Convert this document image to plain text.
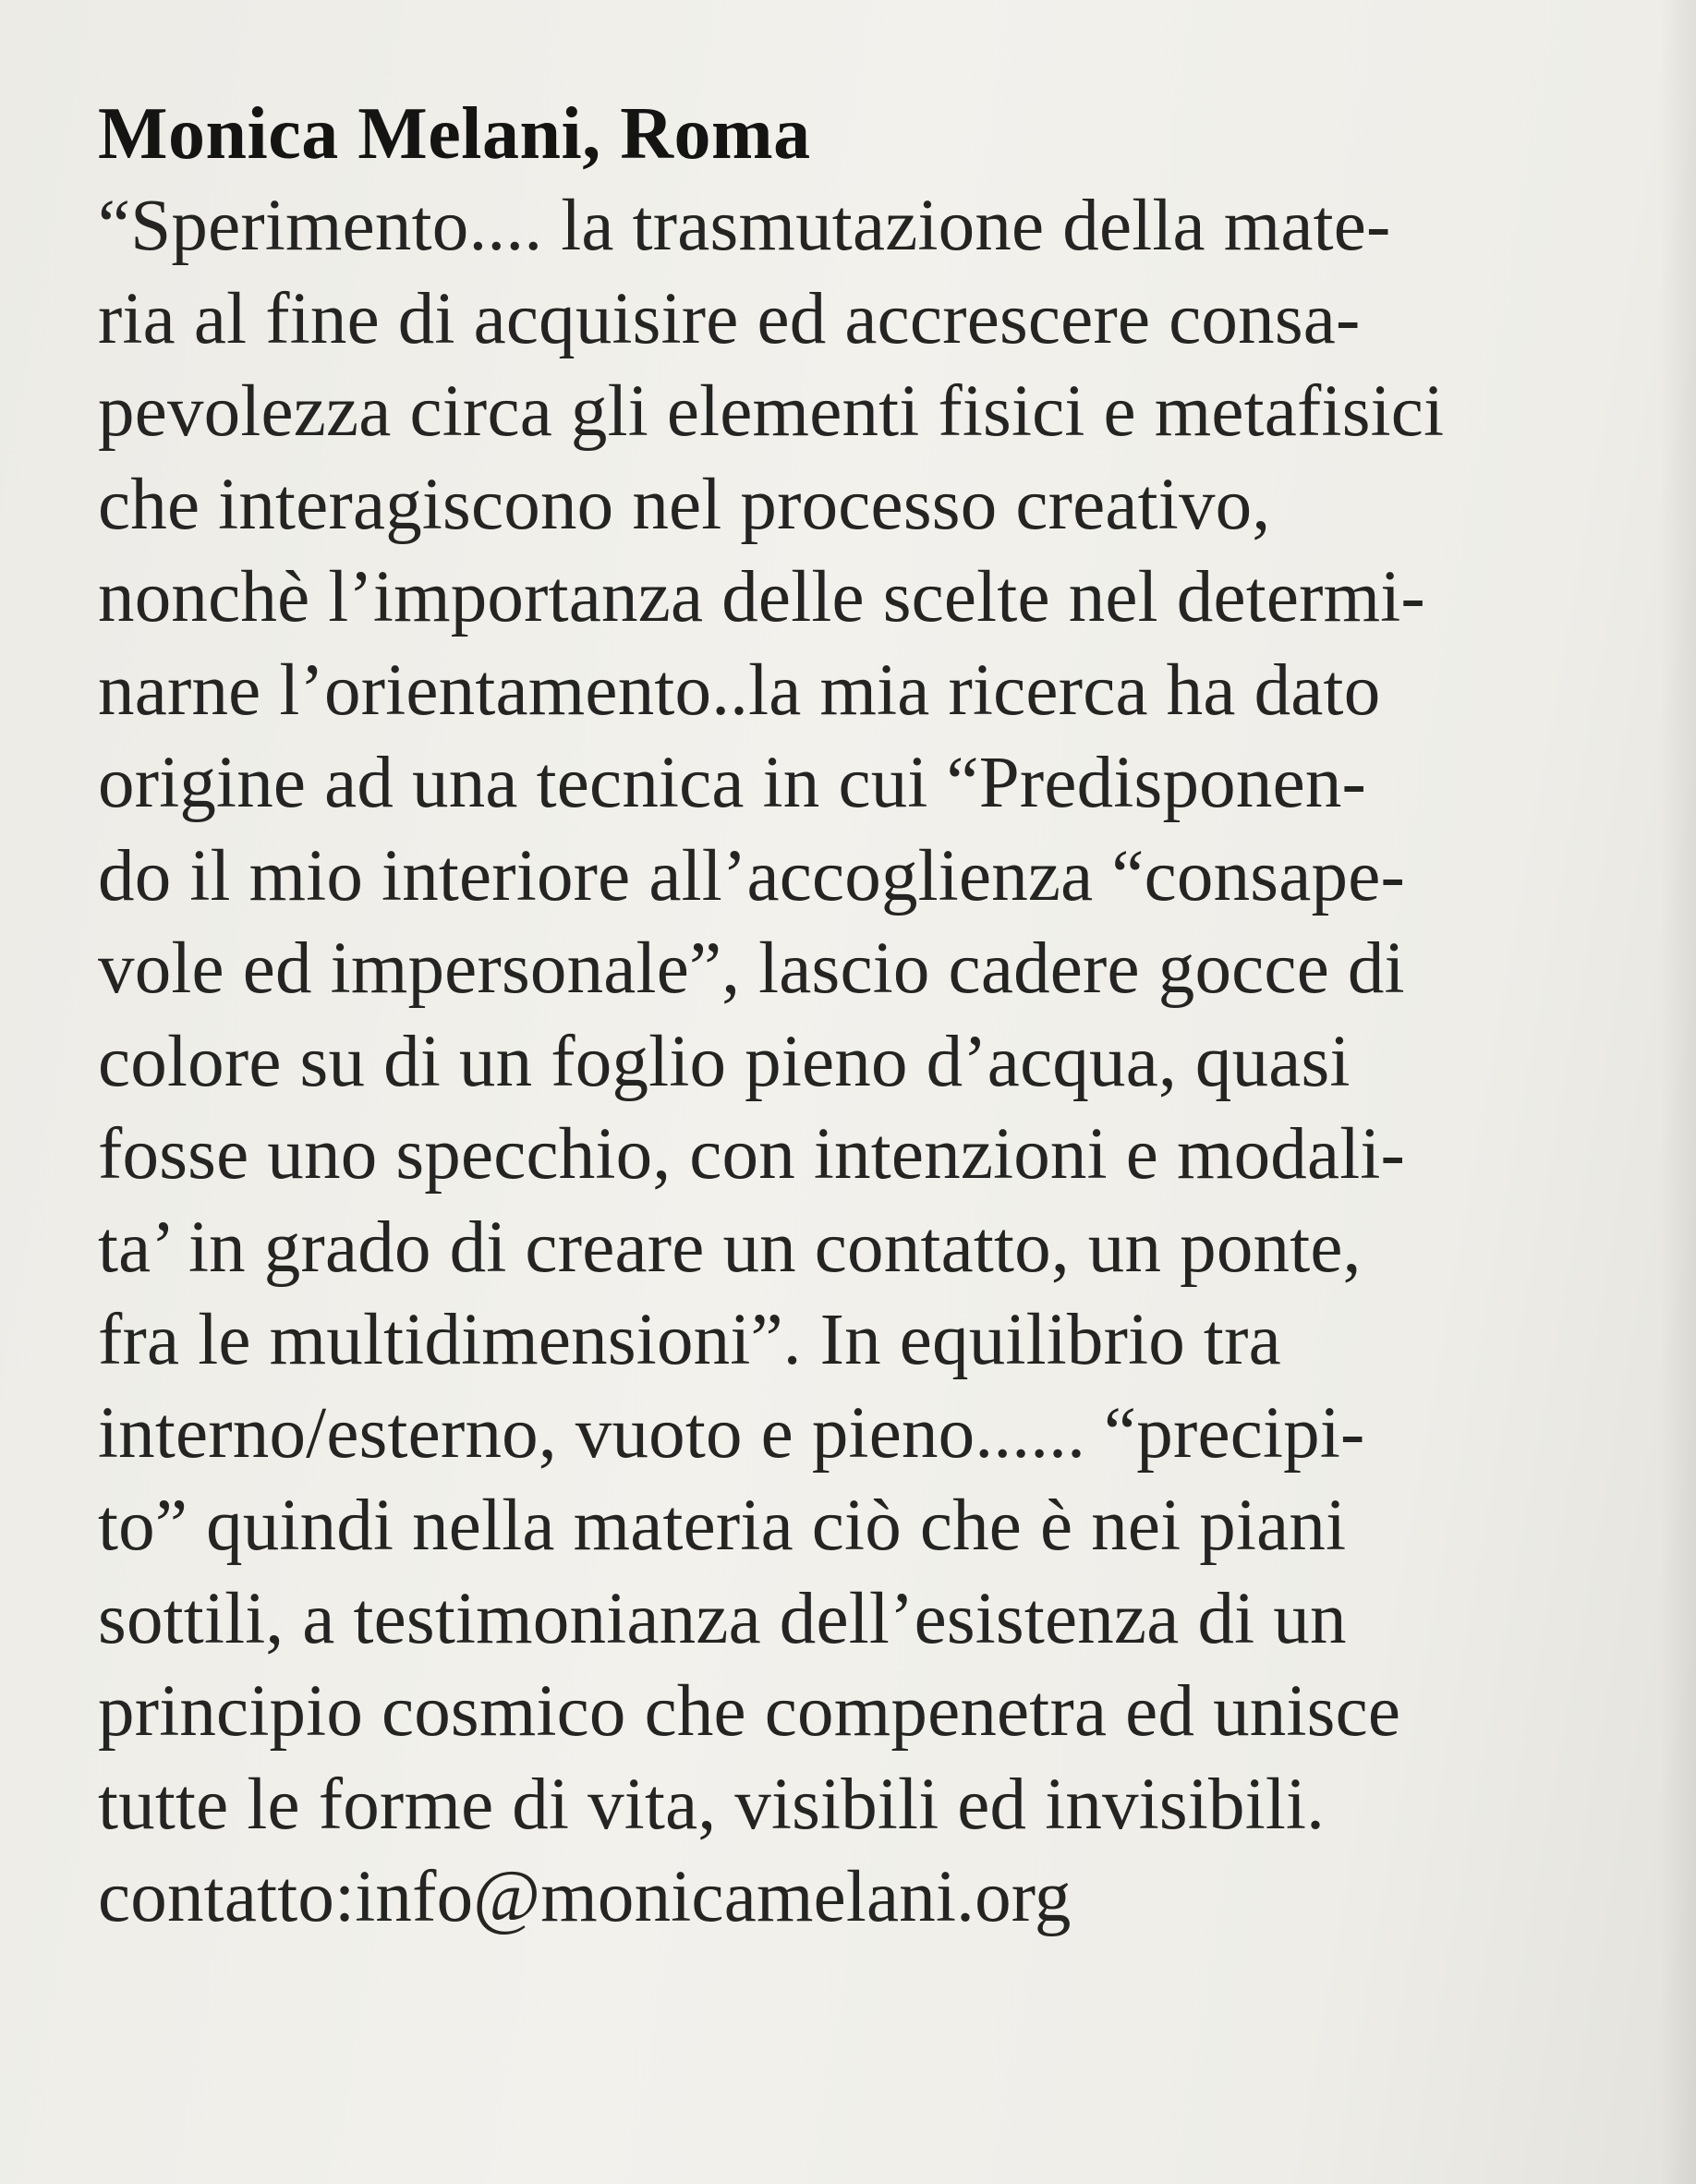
Monica Melani, Roma
“Sperimento.... la trasmutazione della mate-
ria al fine di acquisire ed accrescere consa-
pevolezza circa gli elementi fisici e metafisici
che interagiscono nel processo creativo,
nonchè l’importanza delle scelte nel determi-
narne l’orientamento..la mia ricerca ha dato
origine ad una tecnica in cui “Predisponen-
do il mio interiore all’accoglienza “consape-
vole ed impersonale”, lascio cadere gocce di
colore su di un foglio pieno d’acqua, quasi
fosse uno specchio, con intenzioni e modali-
ta’ in grado di creare un contatto, un ponte,
fra le multidimensioni”. In equilibrio tra
interno/esterno, vuoto e pieno...... “precipi-
to” quindi nella materia ciò che è nei piani
sottili, a testimonianza dell’esistenza di un
principio cosmico che compenetra ed unisce
tutte le forme di vita, visibili ed invisibili.
contatto:info@monicamelani.org
